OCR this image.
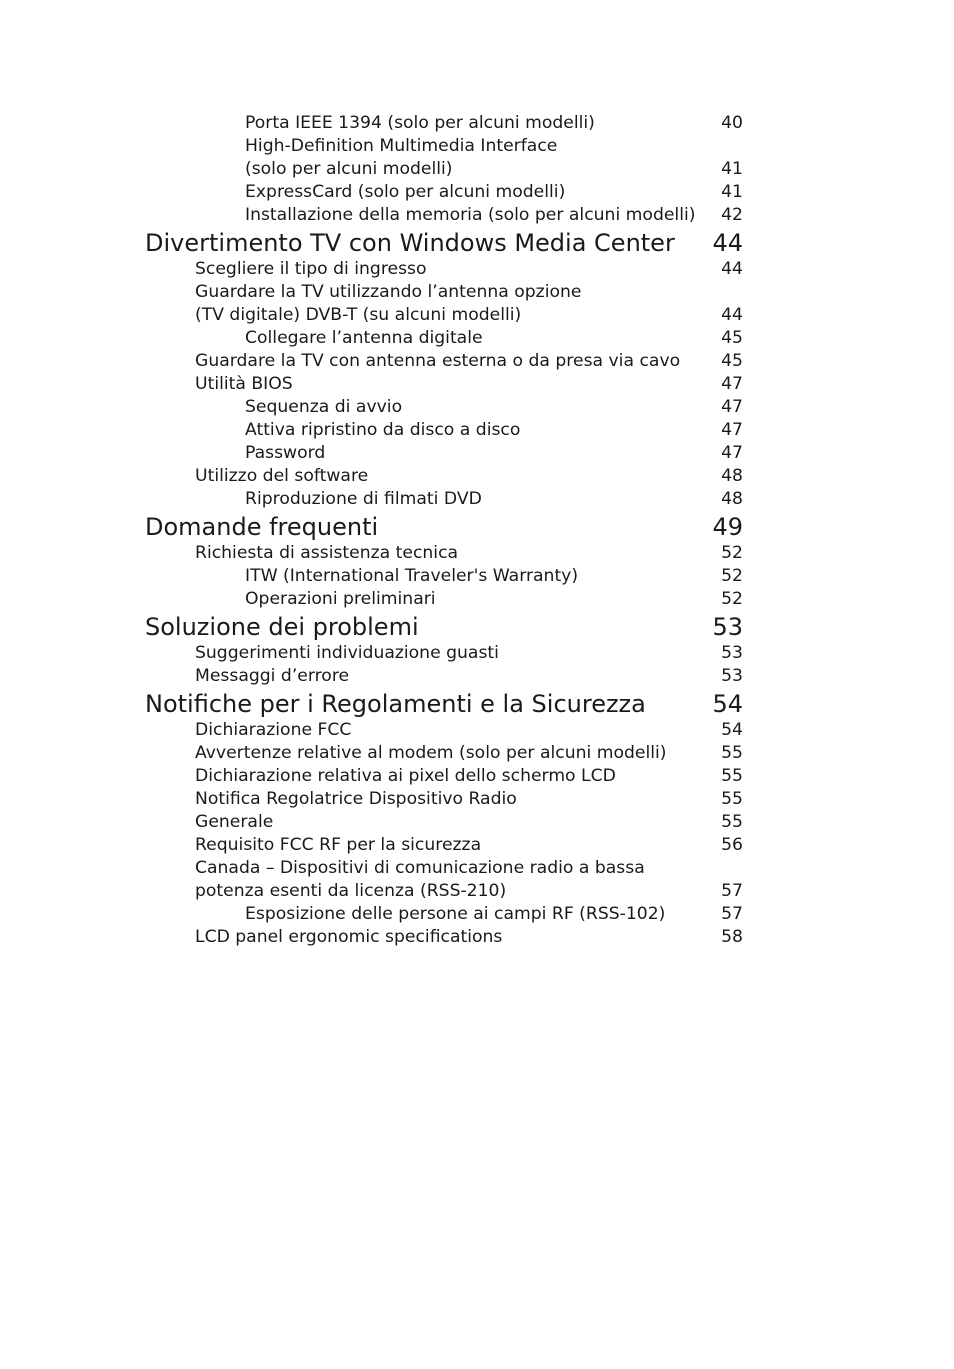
Porta IEEE 1394 (solo per alcuni modelli)	40
High-Definition Multimedia Interface
(solo per alcuni modelli)	41
ExpressCard (solo per alcuni modelli)	41
Installazione della memoria (solo per alcuni modelli) 42
Divertimento TV con Windows Media Center 44
Scegliere il tipo di ingresso	44
Guardare la TV utilizzando l’antenna opzione
(TV digitale) DVB-T (su alcuni modelli)	44
Collegare l’antenna digitale	45
Guardare la TV con antenna esterna o da presa via cavo 45
Utilità BIOS	47
Sequenza di avvio	47
Attiva ripristino da disco a disco	47
Password	47
Utilizzo del software	48
Riproduzione di filmati DVD	48
Domande frequenti	49
Richiesta di assistenza tecnica	52
ITW (International Traveler's Warranty)	52
Operazioni preliminari	52
Soluzione dei problemi	53
Suggerimenti individuazione guasti	53
Messaggi d’errore	53
Notifiche per i Regolamenti e la Sicurezza	54
Dichiarazione FCC	54
Avvertenze relative al modem (solo per alcuni modelli)	55
Dichiarazione relativa ai pixel dello schermo LCD	55
Notifica Regolatrice Dispositivo Radio	55
Generale	55
Requisito FCC RF per la sicurezza	56
Canada – Dispositivi di comunicazione radio a bassa
potenza esenti da licenza (RSS-210)	57
Esposizione delle persone ai campi RF (RSS-102)	57
LCD panel ergonomic specifications	58
